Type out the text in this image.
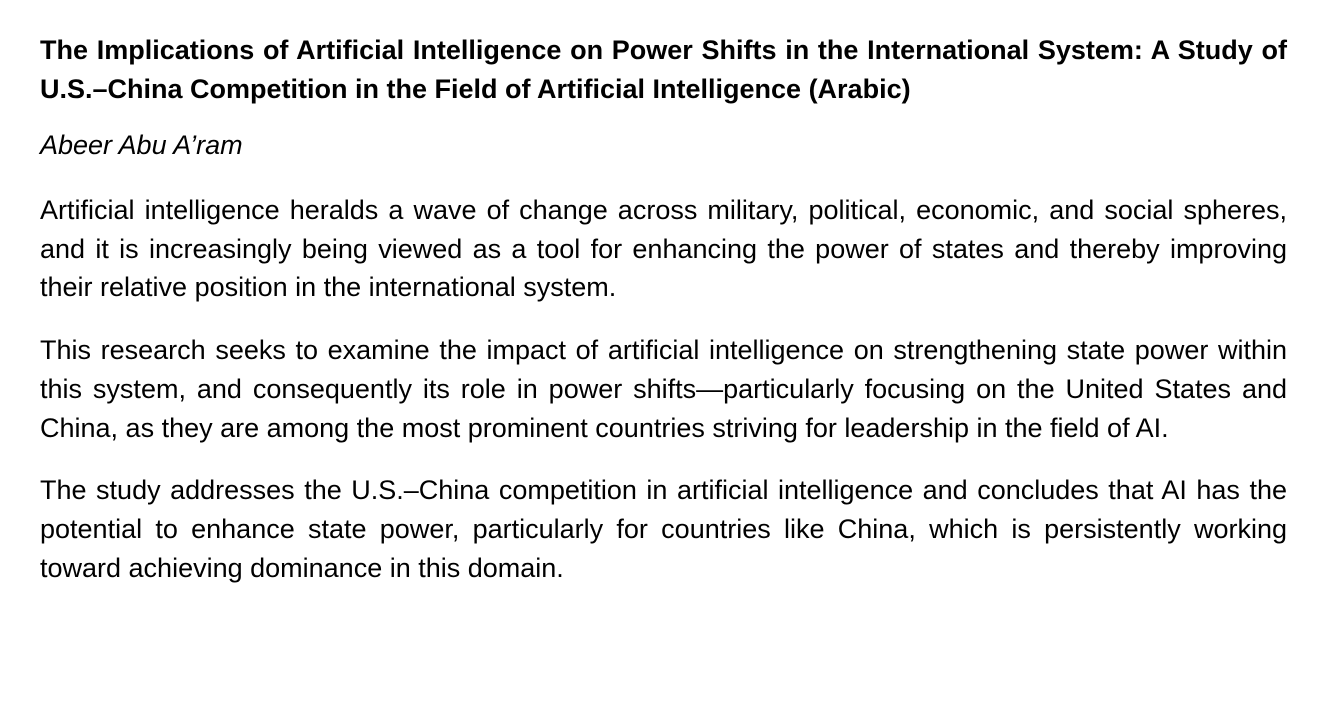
The Implications of Artificial Intelligence on Power Shifts in the International System: A Study of U.S.–China Competition in the Field of Artificial Intelligence (Arabic)

Abeer Abu A’ram

Artificial intelligence heralds a wave of change across military, political, economic, and social spheres, and it is increasingly being viewed as a tool for enhancing the power of states and thereby improving their relative position in the international system.

This research seeks to examine the impact of artificial intelligence on strengthening state power within this system, and consequently its role in power shifts—particularly focusing on the United States and China, as they are among the most prominent countries striving for leadership in the field of AI.

The study addresses the U.S.–China competition in artificial intelligence and concludes that AI has the potential to enhance state power, particularly for countries like China, which is persistently working toward achieving dominance in this domain.
